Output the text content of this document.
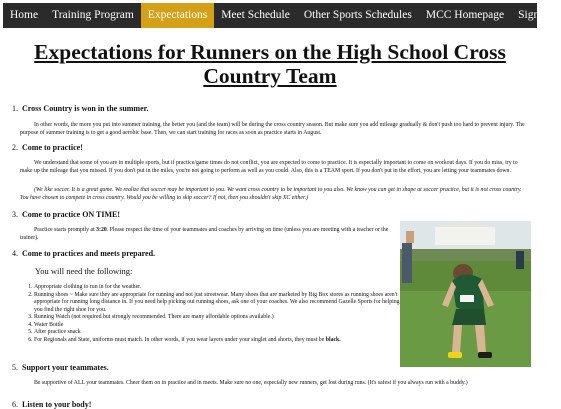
Home	Training Program	Expectations	Meet Schedule	Other Sports Schedules	MCC Homepage	Sign up
Expectations for Runners on the High School Cross Country Team
1. Cross Country is won in the summer.
In other words, the more you put into summer training, the better you (and the team) will be during the cross country season. But make sure you add mileage gradually & don't push too hard to prevent injury. The purpose of summer training is to get a good aerobic base. Then, we can start training for races as soon as practice starts in August.
2. Come to practice!
We understand that some of you are in multiple sports, but if practice/game times do not conflict, you are expected to come to practice. It is especially important to come on workout days. If you do miss, try to make up the mileage that you missed. If you don't put in the miles, you're not going to perform as well as you could. Also, this is a TEAM sport. If you don't put in the effort, you are letting your teammates down.
(We like soccer. It is a great game. We realize that soccer may be important to you. We want cross country to be important to you also. We know you can get in shape at soccer practice, but it is not cross country. You have chosen to compete in cross country. Would you be willing to skip soccer? If not, then you shouldn't skip XC either.)
3. Come to practice ON TIME!
Practice starts promptly at 3:20. Please respect the time of your teammates and coaches by arriving on time (unless you are meeting with a teacher or the trainer).
4. Come to practices and meets prepared.
You will need the following:
1. Appropriate clothing to run in for the weather.
2. Running shoes ~ Make sure they are appropriate for running and not just streetwear. Many shoes that are marketed by Big Box stores as running shoes aren't appropriate for running long distance in. If you need help picking out running shoes, ask one of your coaches. We also recommend Gazelle Sports for helping you find the right shoe for you.
3. Running Watch (not required but strongly recommended. There are many affordable options available.)
4. Water Bottle
5. After practice snack
6. For Regionals and State, uniforms must match. In other words, if you wear layers under your singlet and shorts, they must be black.
5. Support your teammates.
Be supportive of ALL your teammates. Cheer them on in practice and in meets. Make sure no one, especially new runners, get lost during runs. (It's safest if you always run with a buddy.)
6. Listen to your body!
